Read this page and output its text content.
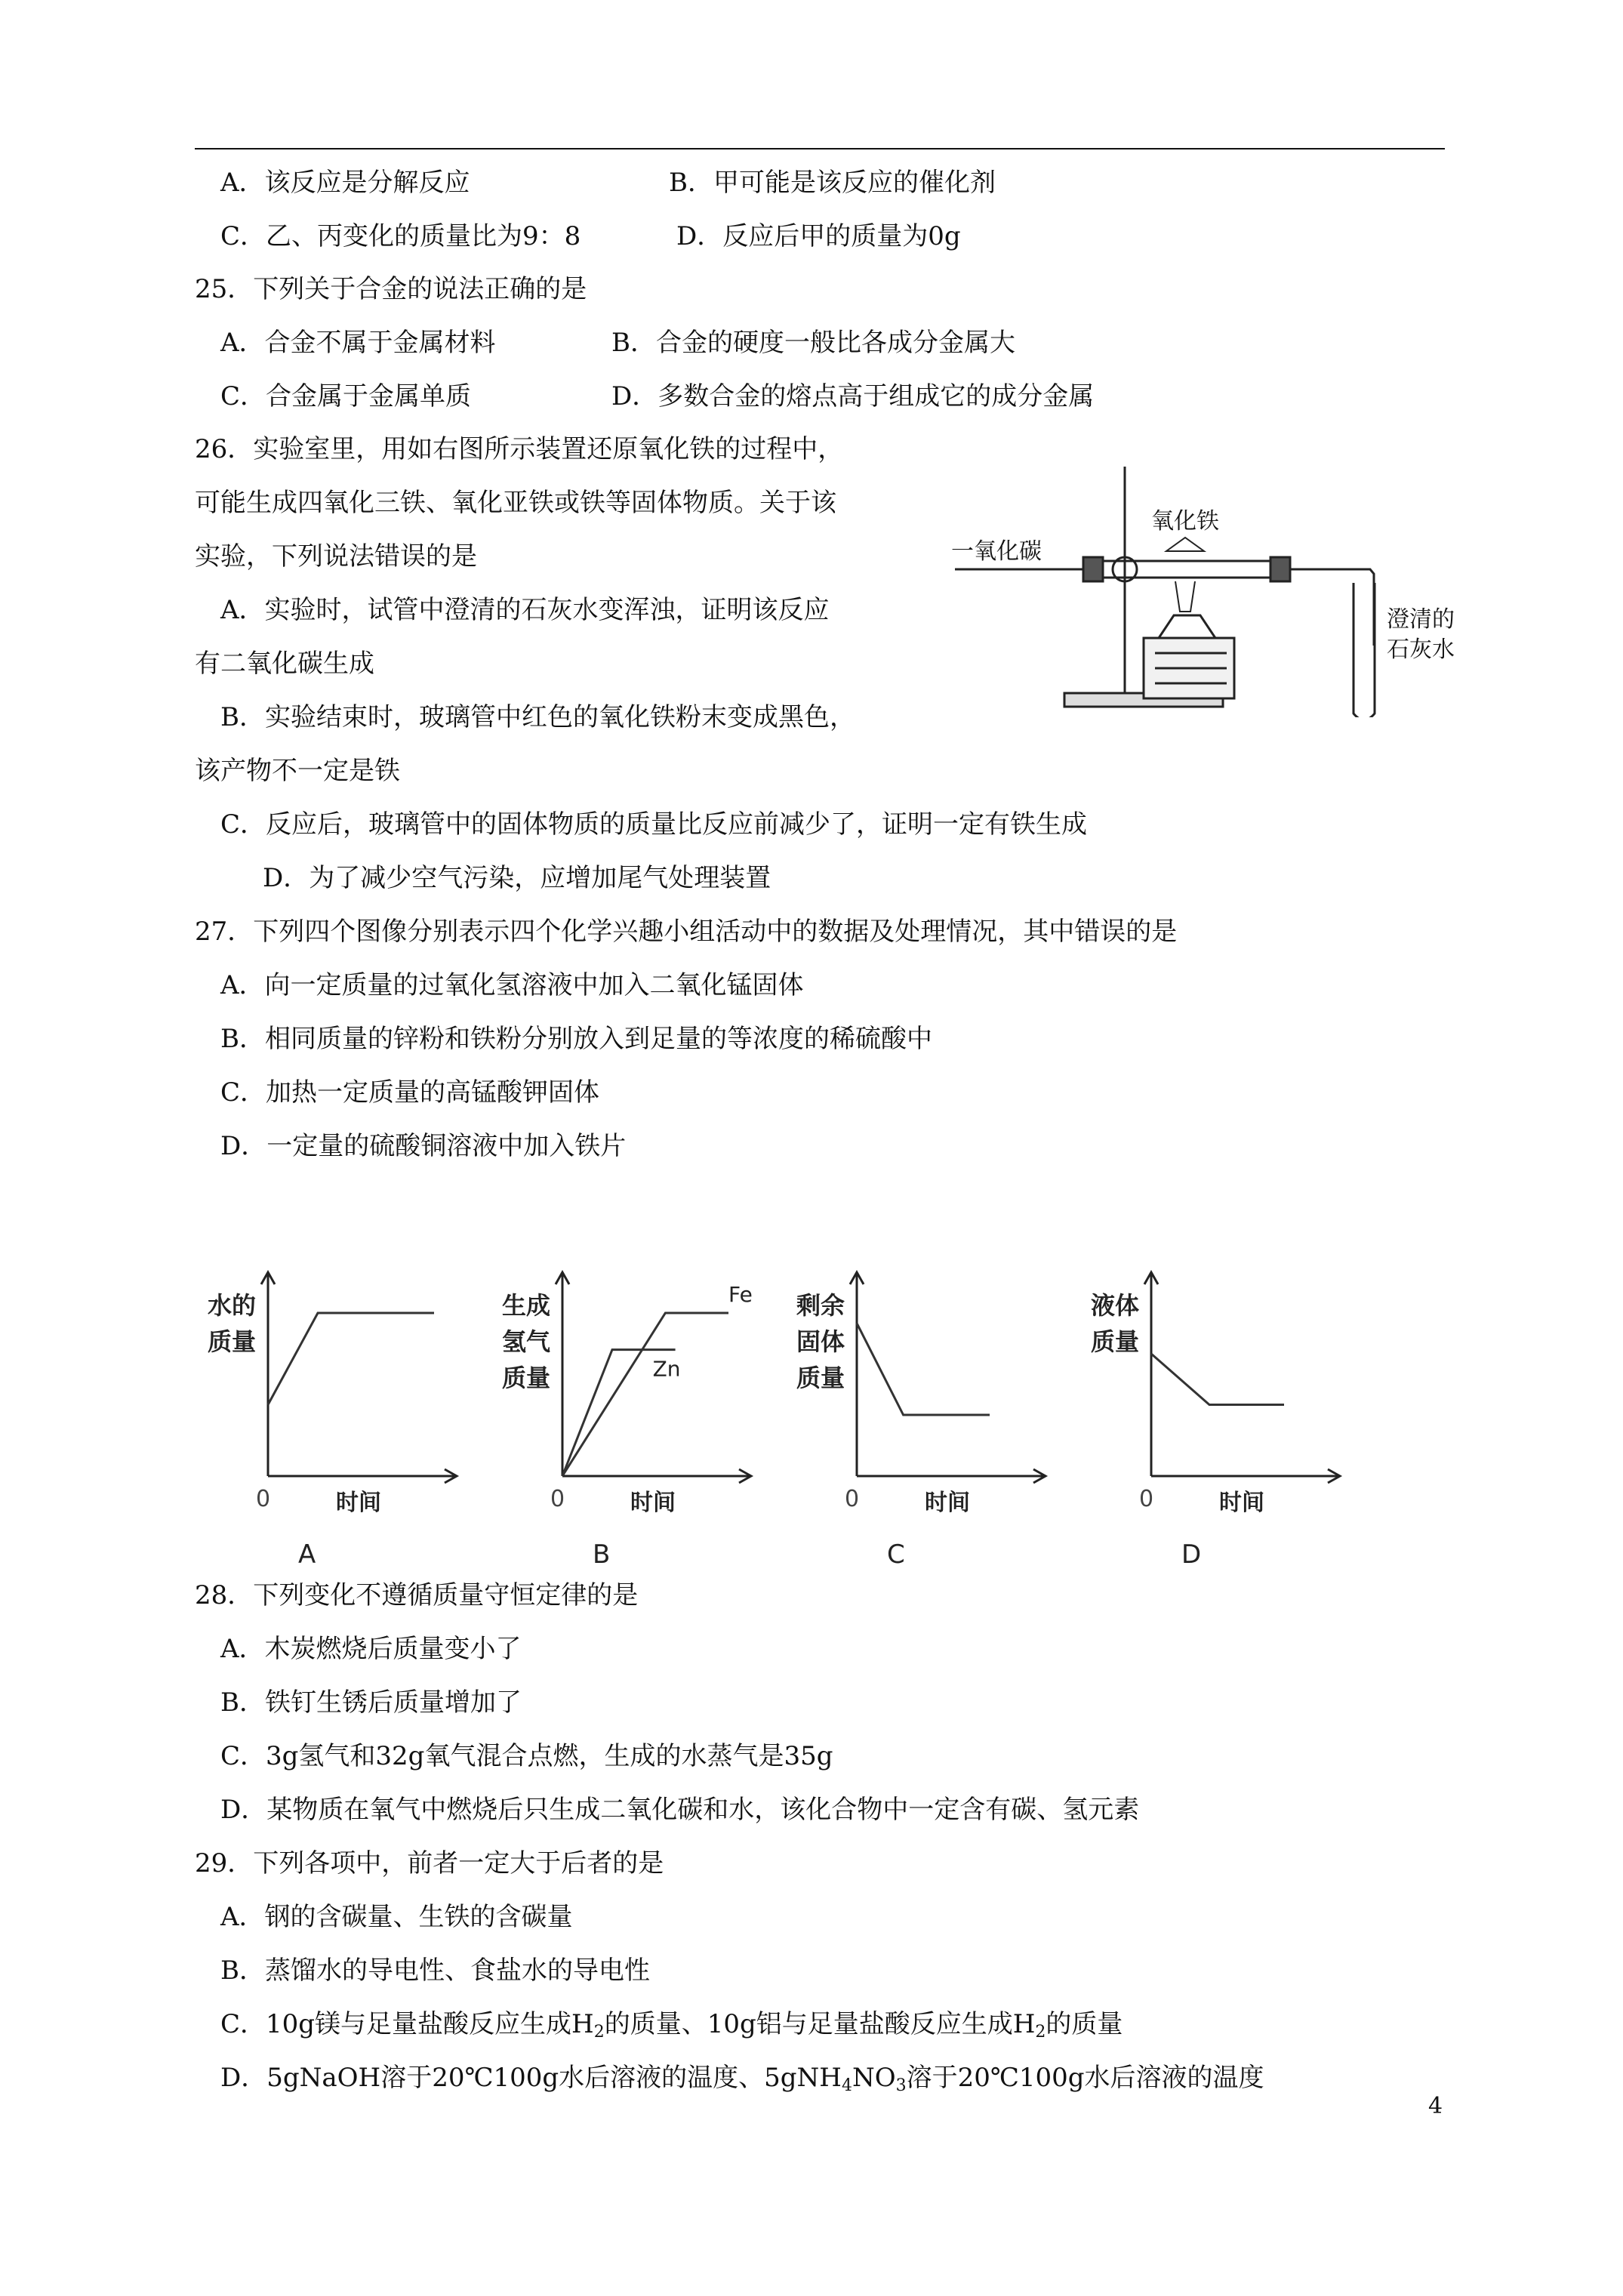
A．该反应是分解反应	B．甲可能是该反应的催化剂
C．乙、丙变化的质量比为9：8	D．反应后甲的质量为0g
25．下列关于合金的说法正确的是
A．合金不属于金属材料	B．合金的硬度一般比各成分金属大
C．合金属于金属单质	D．多数合金的熔点高于组成它的成分金属
26．实验室里，用如右图所示装置还原氧化铁的过程中，
可能生成四氧化三铁、氧化亚铁或铁等固体物质。关于该
实验，下列说法错误的是
A．实验时，试管中澄清的石灰水变浑浊，证明该反应
有二氧化碳生成
B．实验结束时，玻璃管中红色的氧化铁粉末变成黑色，
该产物不一定是铁
C．反应后，玻璃管中的固体物质的质量比反应前减少了，证明一定有铁生成
D．为了减少空气污染，应增加尾气处理装置
氧化铁
一氧化碳
澄清的
石灰水
27．下列四个图像分别表示四个化学兴趣小组活动中的数据及处理情况，其中错误的是
A．向一定质量的过氧化氢溶液中加入二氧化锰固体
B．相同质量的锌粉和铁粉分别放入到足量的等浓度的稀硫酸中
C．加热一定质量的高锰酸钾固体
D．一定量的硫酸铜溶液中加入铁片
水的
质量
0	时间
A
生成
氢气
质量
0	时间
Fe
Zn
B
剩余
固体
质量
0	时间
C
液体
质量
0	时间
D
28．下列变化不遵循质量守恒定律的是
A．木炭燃烧后质量变小了
B．铁钉生锈后质量增加了
C．3g氢气和32g氧气混合点燃，生成的水蒸气是35g
D．某物质在氧气中燃烧后只生成二氧化碳和水，该化合物中一定含有碳、氢元素
29．下列各项中，前者一定大于后者的是
A．钢的含碳量、生铁的含碳量
B．蒸馏水的导电性、食盐水的导电性
C．10g镁与足量盐酸反应生成$H_2$的质量、10g铝与足量盐酸反应生成$H_2$的质量
D．5gNaOH溶于20℃100g水后溶液的温度、$5gNH_4NO_3$溶于20℃100g水后溶液的温度
4
